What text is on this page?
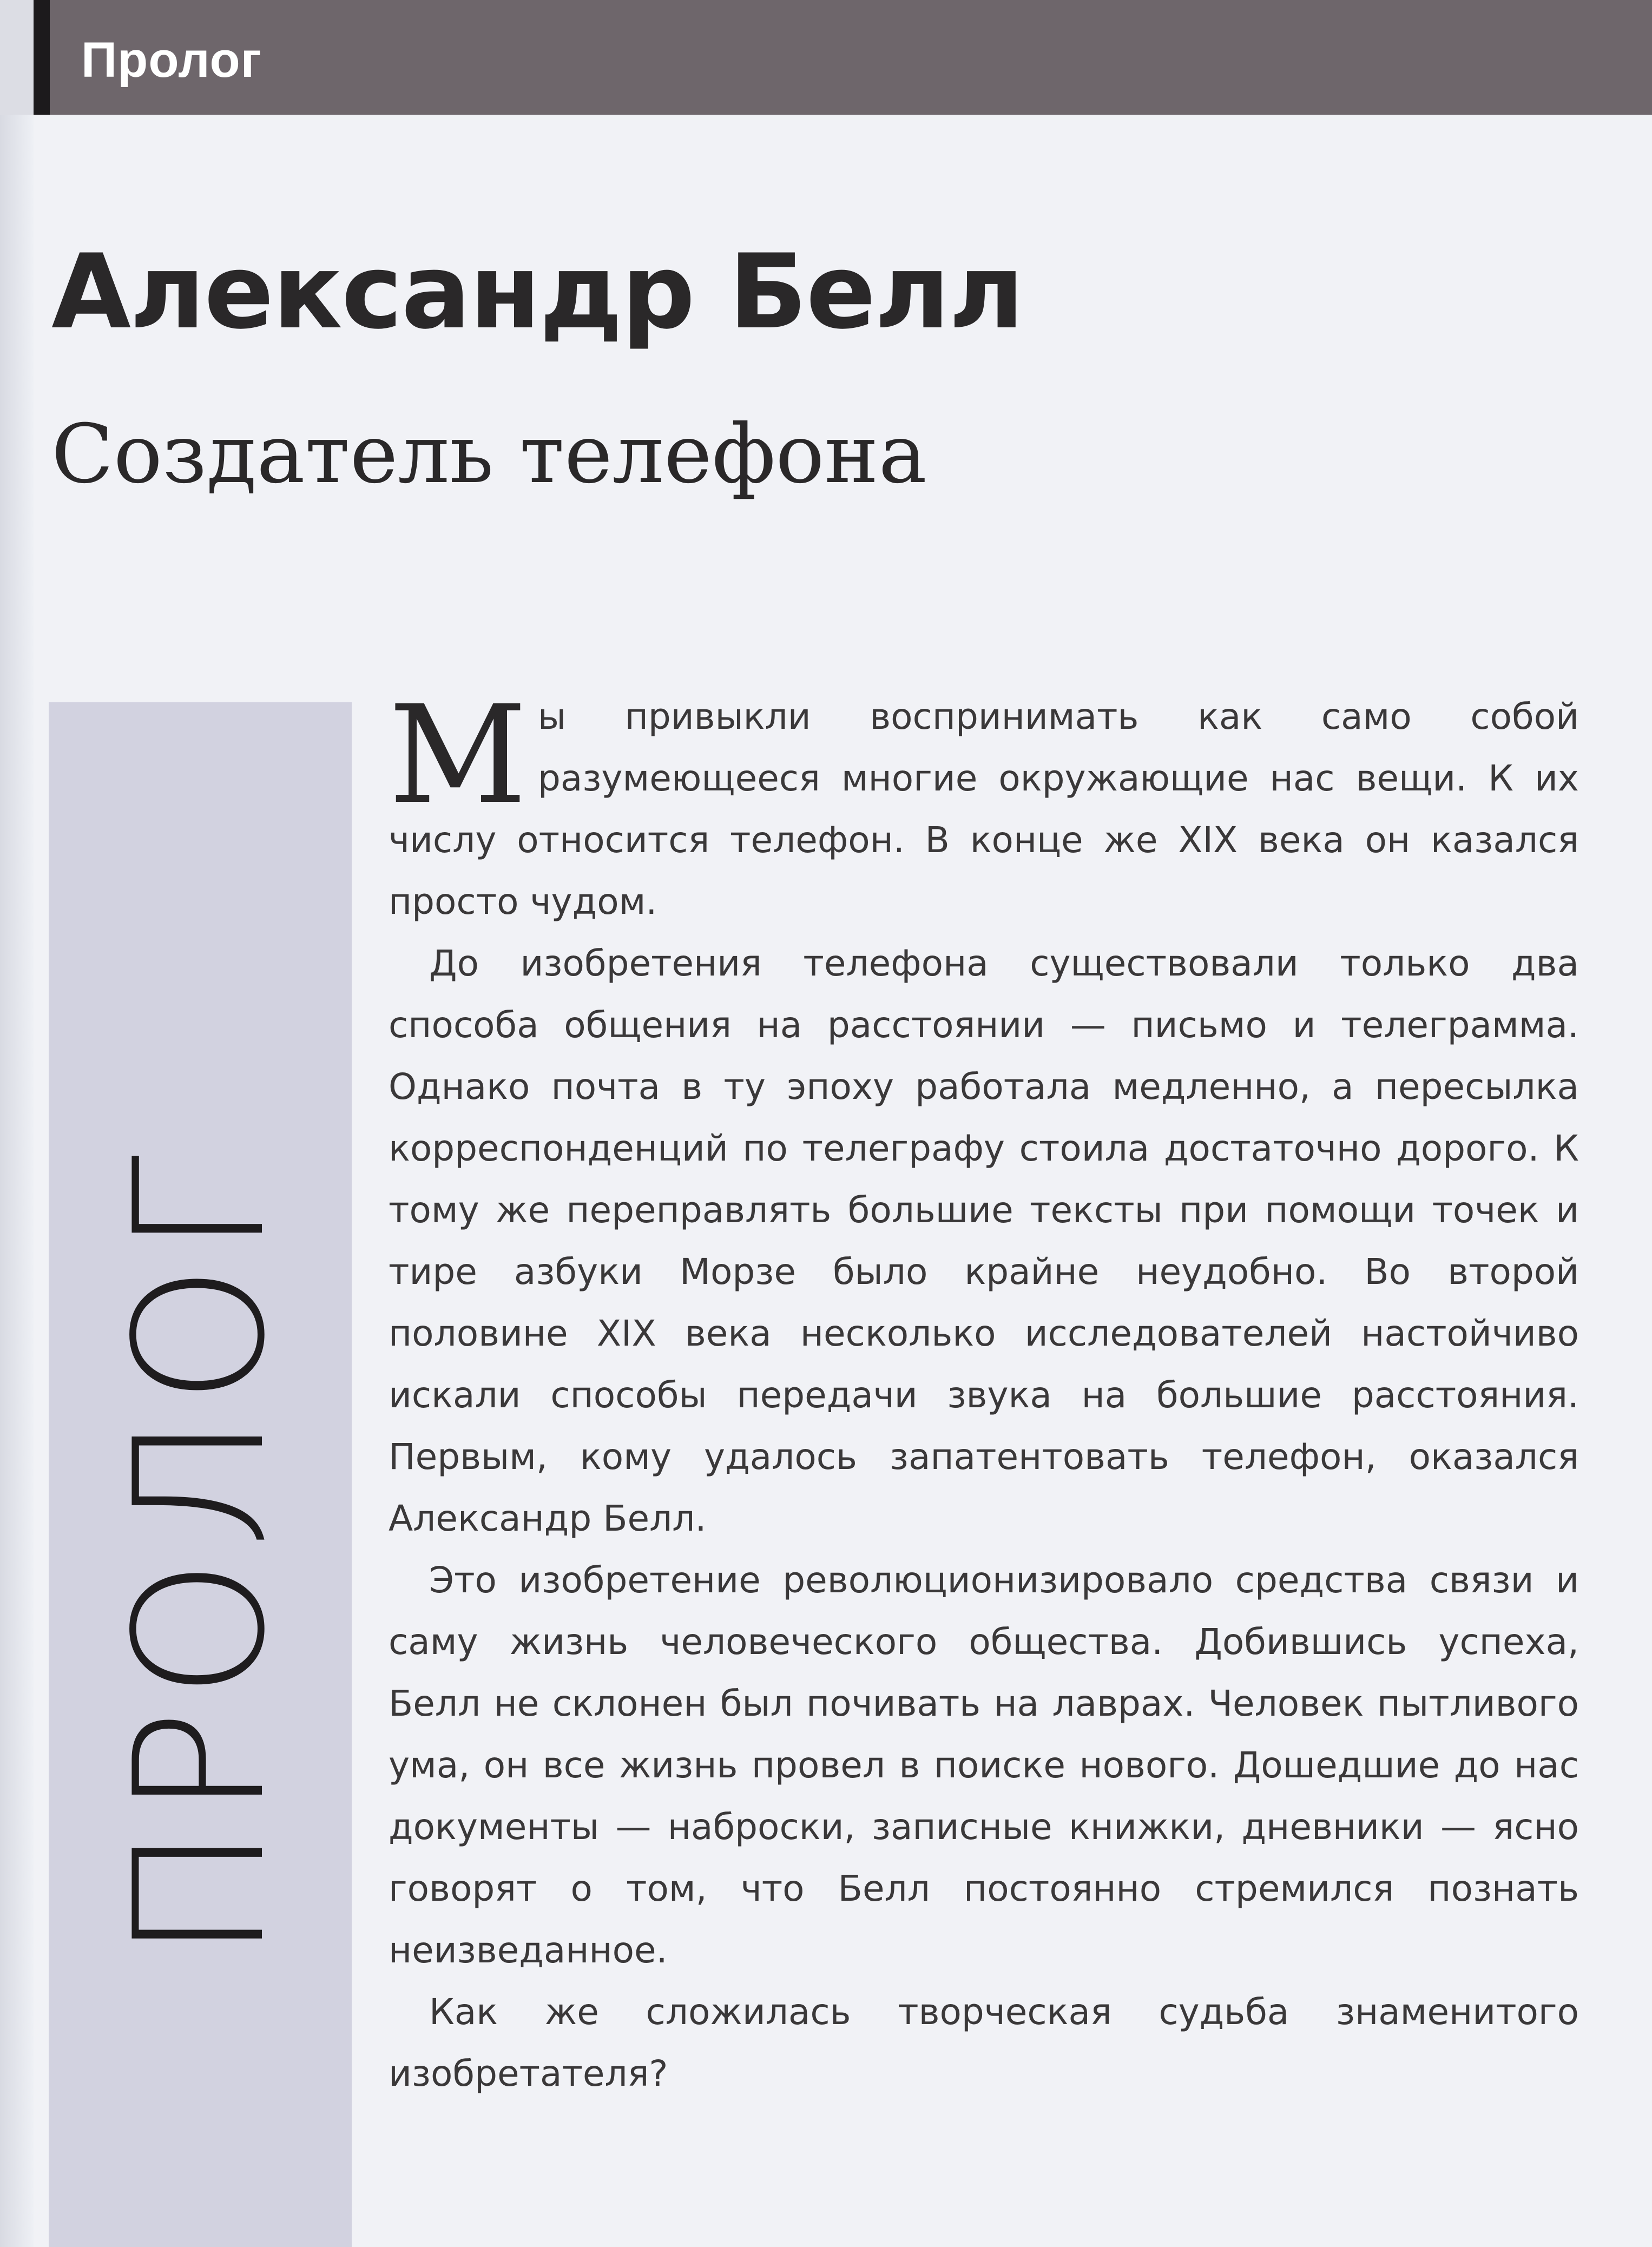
Пролог
Александр Белл
Создатель телефона
ПРОЛОГ

Мы привыкли воспринимать как само собой разумеющееся многие окружающие нас вещи. К их числу относится телефон. В конце же XIX века он казался просто чудом.

До изобретения телефона существовали только два способа общения на расстоянии — письмо и телеграмма. Однако почта в ту эпоху работала медленно, а пересылка корреспонденций по телеграфу стоила достаточно дорого. К тому же переправлять большие тексты при помощи точек и тире азбуки Морзе было крайне неудобно. Во второй половине XIX века несколько исследователей настойчиво искали способы передачи звука на большие расстояния. Первым, кому удалось запатентовать телефон, оказался Александр Белл.

Это изобретение революционизировало средства связи и саму жизнь человеческого общества. Добившись успеха, Белл не склонен был почивать на лаврах. Человек пытливого ума, он все жизнь провел в поиске нового. Дошедшие до нас документы — наброски, записные книжки, дневники — ясно говорят о том, что Белл постоянно стремился познать неизведанное.

Как же сложилась творческая судьба знаменитого изобретателя?
